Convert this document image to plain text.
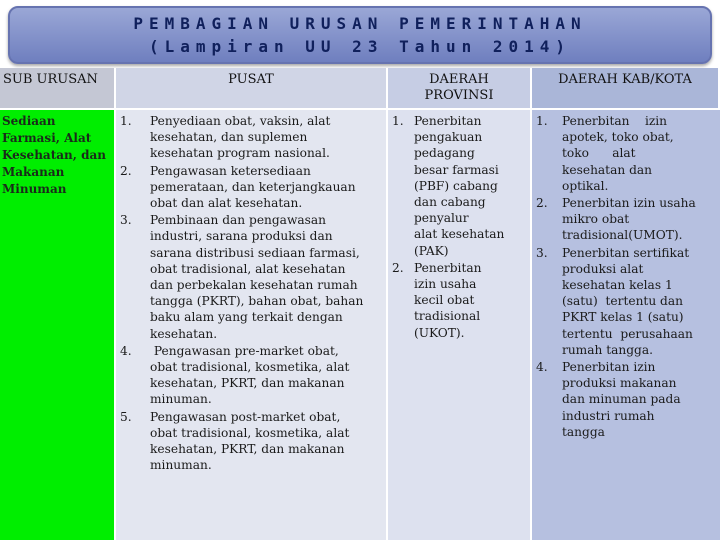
PEMBAGIAN URUSAN PEMERINTAHAN
(Lampiran UU 23 Tahun 2014)
SUB URUSAN	PUSAT	DAERAH
PROVINSI
DAERAH KAB/KOTA
Sediaan
Farmasi, Alat
Kesehatan, dan
Makanan
Minuman
1. Penyediaan obat, vaksin, alat
kesehatan, dan suplemen
kesehatan program nasional.
2. Pengawasan ketersediaan
pemerataan, dan keterjangkauan
obat dan alat kesehatan.
3. Pembinaan dan pengawasan
industri, sarana produksi dan
sarana distribusi sediaan farmasi,
obat tradisional, alat kesehatan
dan perbekalan kesehatan rumah
tangga (PKRT), bahan obat, bahan
baku alam yang terkait dengan
kesehatan.
4. Pengawasan pre-market obat,
obat tradisional, kosmetika, alat
kesehatan, PKRT, dan makanan
minuman.
5. Pengawasan post-market obat,
obat tradisional, kosmetika, alat
kesehatan, PKRT, dan makanan
minuman.
1. Penerbitan
pengakuan
pedagang
besar farmasi
(PBF) cabang
dan cabang
penyalur
alat kesehatan
(PAK)
2. Penerbitan
izin usaha
kecil obat
tradisional
(UKOT).
1. Penerbitan    izin
apotek, toko obat,
toko      alat
kesehatan dan
optikal.
2. Penerbitan izin usaha
mikro obat
tradisional(UMOT).
3. Penerbitan sertifikat
produksi alat
kesehatan kelas 1
(satu)  tertentu dan
PKRT kelas 1 (satu)
tertentu  perusahaan
rumah tangga.
4. Penerbitan izin
produksi makanan
dan minuman pada
industri rumah
tangga
